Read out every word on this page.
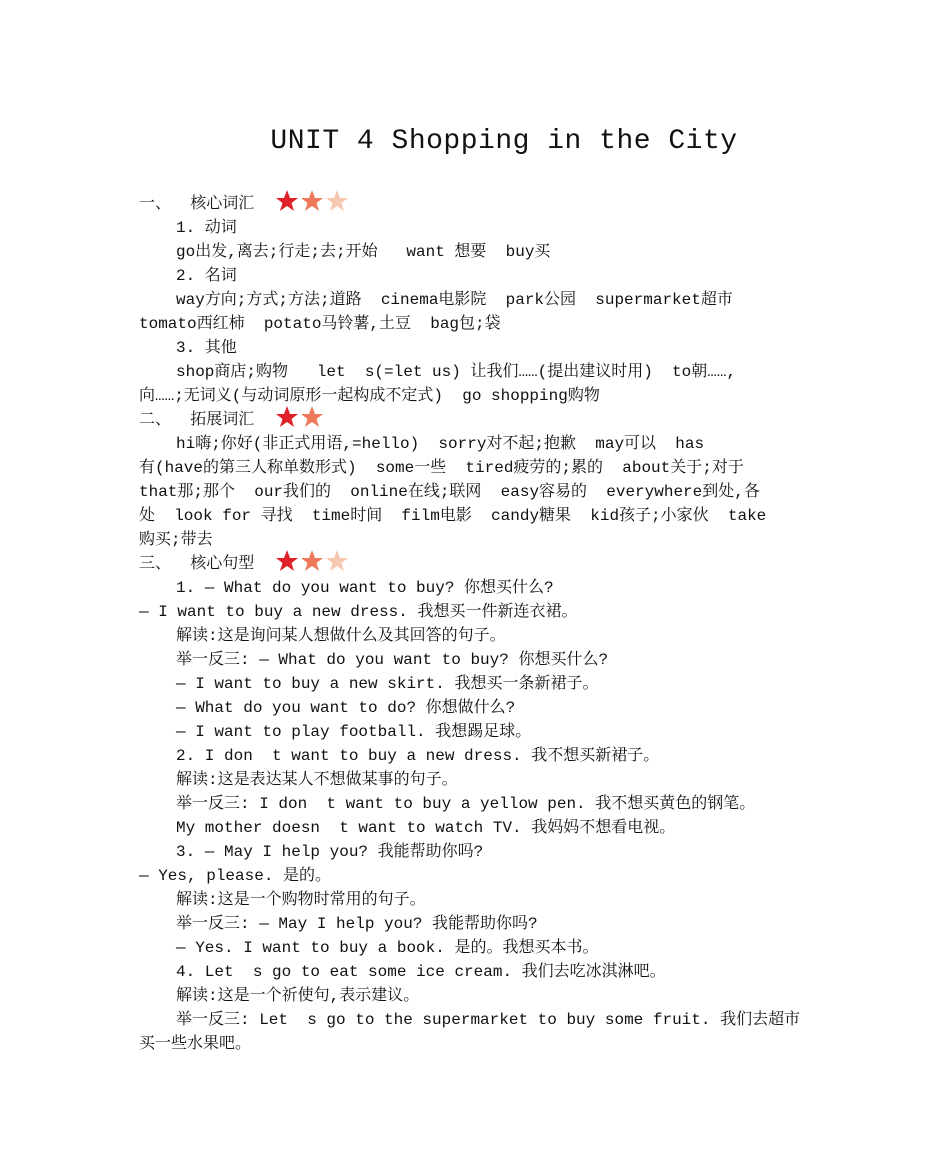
UNIT 4 Shopping in the City
一、  核心词汇
1. 动词
go出发,离去;行走;去;开始   want 想要  buy买
2. 名词
way方向;方式;方法;道路  cinema电影院  park公园  supermarket超市
tomato西红柿  potato马铃薯,土豆  bag包;袋
3. 其他
shop商店;购物   let  s(=let us) 让我们……(提出建议时用)  to朝……,
向……;无词义(与动词原形一起构成不定式)  go shopping购物
二、  拓展词汇
hi嗨;你好(非正式用语,=hello)  sorry对不起;抱歉  may可以  has
有(have的第三人称单数形式)  some一些  tired疲劳的;累的  about关于;对于
that那;那个  our我们的  online在线;联网  easy容易的  everywhere到处,各
处  look for 寻找  time时间  film电影  candy糖果  kid孩子;小家伙  take
购买;带去
三、  核心句型
1. — What do you want to buy? 你想买什么?
— I want to buy a new dress. 我想买一件新连衣裙。
解读:这是询问某人想做什么及其回答的句子。
举一反三: — What do you want to buy? 你想买什么?
— I want to buy a new skirt. 我想买一条新裙子。
— What do you want to do? 你想做什么?
— I want to play football. 我想踢足球。
2. I don  t want to buy a new dress. 我不想买新裙子。
解读:这是表达某人不想做某事的句子。
举一反三: I don  t want to buy a yellow pen. 我不想买黄色的钢笔。
My mother doesn  t want to watch TV. 我妈妈不想看电视。
3. — May I help you? 我能帮助你吗?
— Yes, please. 是的。
解读:这是一个购物时常用的句子。
举一反三: — May I help you? 我能帮助你吗?
— Yes. I want to buy a book. 是的。我想买本书。
4. Let  s go to eat some ice cream. 我们去吃冰淇淋吧。
解读:这是一个祈使句,表示建议。
举一反三: Let  s go to the supermarket to buy some fruit. 我们去超市
买一些水果吧。
